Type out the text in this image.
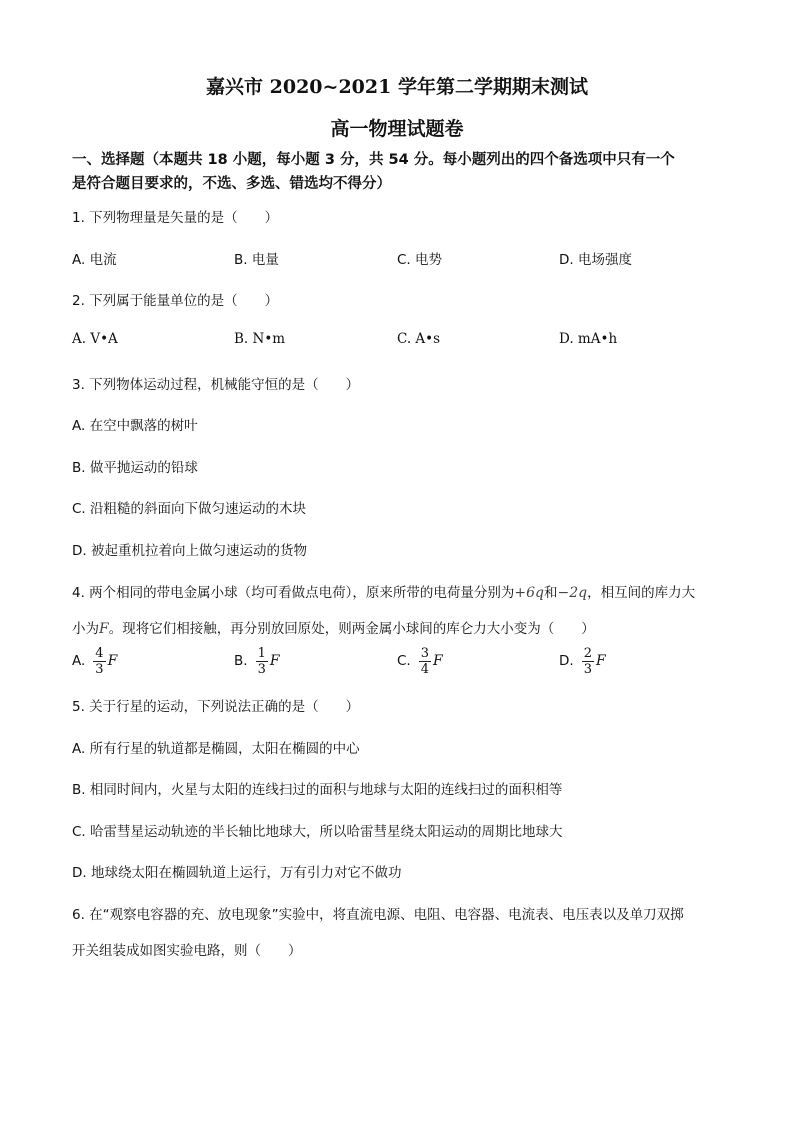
嘉兴市 2020~2021 学年第二学期期末测试
高一物理试题卷
一、选择题（本题共 18 小题，每小题 3 分，共 54 分。每小题列出的四个备选项中只有一个
是符合题目要求的，不选、多选、错选均不得分）
1. 下列物理量是矢量的是（　　）
A. 电流	B. 电量	C. 电势	D. 电场强度
2. 下列属于能量单位的是（　　）
A. V•A	B. N•m	C. A•s	D. mA•h
3. 下列物体运动过程，机械能守恒的是（　　）
A. 在空中飘落的树叶
B. 做平抛运动的铅球
C. 沿粗糙的斜面向下做匀速运动的木块
D. 被起重机拉着向上做匀速运动的货物
4. 两个相同的带电金属小球（均可看做点电荷），原来所带的电荷量分别为+6q和−2q，相互间的库力大
小为F。现将它们相接触，再分别放回原处，则两金属小球间的库仑力大小变为（　　）
A. $\frac{4}{3}$ F	B. $\frac{1}{3}$ F	C. $\frac{3}{4}$ F	D. $\frac{2}{3}$ F
5. 关于行星的运动，下列说法正确的是（　　）
A. 所有行星的轨道都是椭圆，太阳在椭圆的中心
B. 相同时间内，火星与太阳的连线扫过的面积与地球与太阳的连线扫过的面积相等
C. 哈雷彗星运动轨迹的半长轴比地球大，所以哈雷彗星绕太阳运动的周期比地球大
D. 地球绕太阳在椭圆轨道上运行，万有引力对它不做功
6. 在“观察电容器的充、放电现象”实验中，将直流电源、电阻、电容器、电流表、电压表以及单刀双掷
开关组装成如图实验电路，则（　　）
